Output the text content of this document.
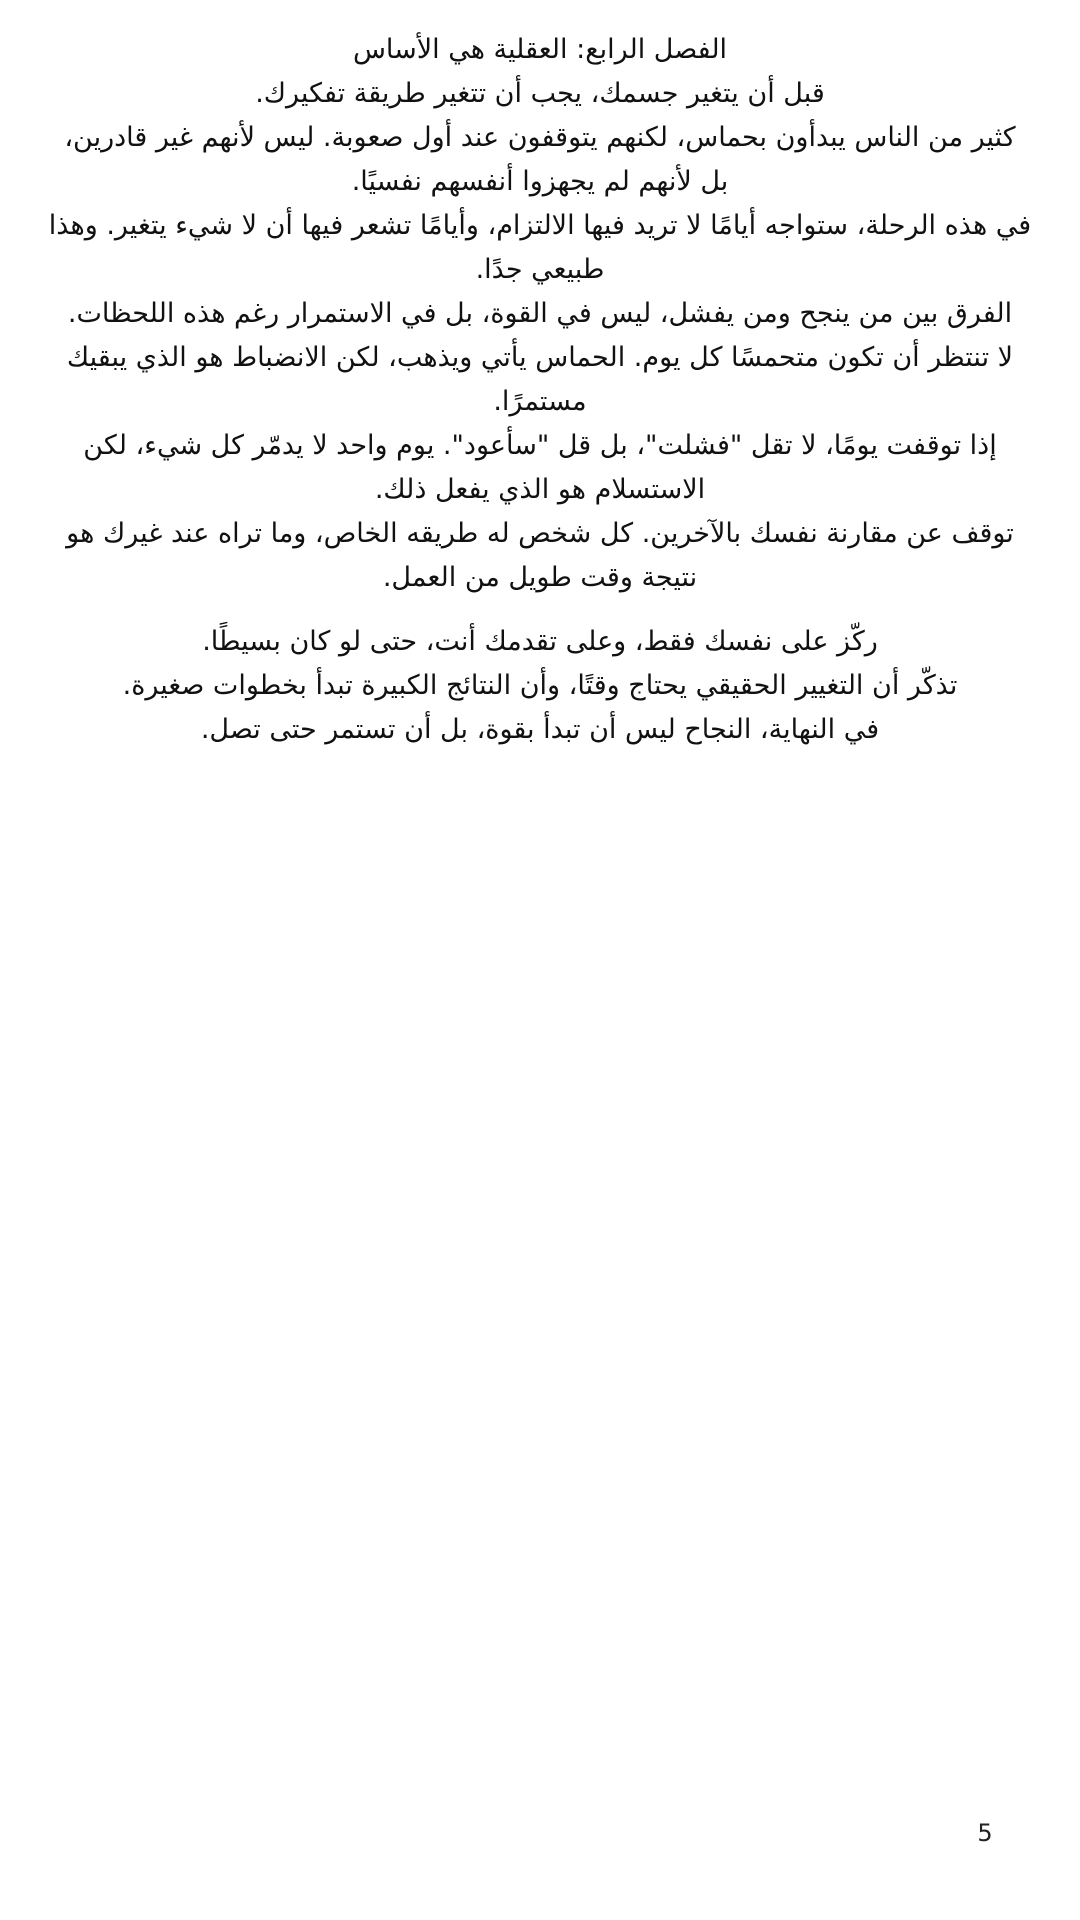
الفصل الرابع: العقلية هي الأساس

قبل أن يتغير جسمك، يجب أن تتغير طريقة تفكيرك.

كثير من الناس يبدأون بحماس، لكنهم يتوقفون عند أول صعوبة. ليس لأنهم غير قادرين، بل لأنهم لم يجهزوا أنفسهم نفسيًا.

في هذه الرحلة، ستواجه أيامًا لا تريد فيها الالتزام، وأيامًا تشعر فيها أن لا شيء يتغير. وهذا طبيعي جدًا.

الفرق بين من ينجح ومن يفشل، ليس في القوة، بل في الاستمرار رغم هذه اللحظات.

لا تنتظر أن تكون متحمسًا كل يوم. الحماس يأتي ويذهب، لكن الانضباط هو الذي يبقيك مستمرًا.

إذا توقفت يومًا، لا تقل "فشلت"، بل قل "سأعود". يوم واحد لا يدمّر كل شيء، لكن الاستسلام هو الذي يفعل ذلك.

توقف عن مقارنة نفسك بالآخرين. كل شخص له طريقه الخاص، وما تراه عند غيرك هو نتيجة وقت طويل من العمل.

ركّز على نفسك فقط، وعلى تقدمك أنت، حتى لو كان بسيطًا.

تذكّر أن التغيير الحقيقي يحتاج وقتًا، وأن النتائج الكبيرة تبدأ بخطوات صغيرة.

في النهاية، النجاح ليس أن تبدأ بقوة، بل أن تستمر حتى تصل.

5
